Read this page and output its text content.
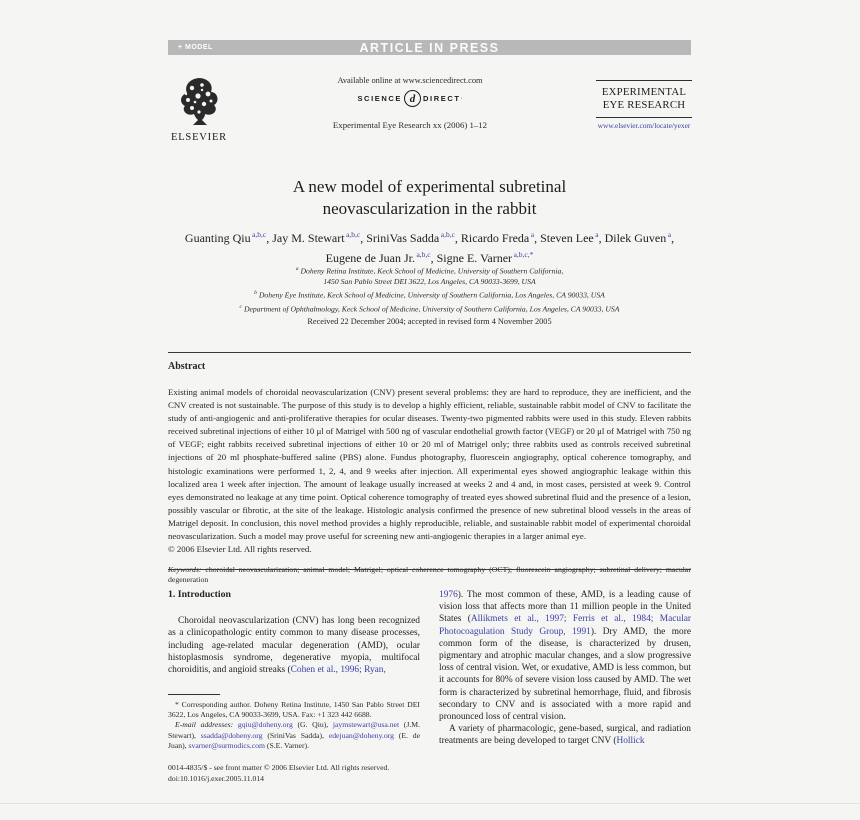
+ MODEL	ARTICLE IN PRESS
ELSEVIER
Available online at www.sciencedirect.com
SCIENCE d	DIRECT ·
Experimental Eye Research xx (2006) 1–12
EXPERIMENTAL
EYE RESEARCH
www.elsevier.com/locate/yexer
A new model of experimental subretinal
neovascularization in the rabbit
Guanting Qiu $^{a,b,c}$, Jay M. Stewart $^{a,b,c}$, SriniVas Sadda $^{a,b,c}$, Ricardo Freda $^a$, Steven Lee $^a$, Dilek Guven $^a$, Eugene de Juan Jr. $^{a,b,c}$, Signe E. Varner $^{a,b,c,*}$
$^a$ Doheny Retina Institute, Keck School of Medicine, University of Southern California,
1450 San Pablo Street DEI 3622, Los Angeles, CA 90033-3699, USA
$^b$ Doheny Eye Institute, Keck School of Medicine, University of Southern California, Los Angeles, CA 90033, USA
$^c$ Department of Ophthalmology, Keck School of Medicine, University of Southern California, Los Angeles, CA 90033, USA
Received 22 December 2004; accepted in revised form 4 November 2005
Abstract

Existing animal models of choroidal neovascularization (CNV) present several problems: they are hard to reproduce, they are inefficient, and the CNV created is not sustainable. The purpose of this study is to develop a highly efficient, reliable, sustainable rabbit model of CNV to facilitate the study of anti-angiogenic and anti-proliferative therapies for ocular diseases. Twenty-two pigmented rabbits were used in this study. Eleven rabbits received subretinal injections of either 10 μl of Matrigel with 500 ng of vascular endothelial growth factor (VEGF) or 20 μl of Matrigel with 750 ng of VEGF; eight rabbits received subretinal injections of either 10 or 20 ml of Matrigel only; three rabbits used as controls received subretinal injections of 20 ml phosphate-buffered saline (PBS) alone. Fundus photography, fluorescein angiography, optical coherence tomography, and histologic examinations were performed 1, 2, 4, and 9 weeks after injection. All experimental eyes showed angiographic leakage within this localized area 1 week after injection. The amount of leakage usually increased at weeks 2 and 4 and, in most cases, persisted at week 9. Control eyes demonstrated no leakage at any time point. Optical coherence tomography of treated eyes showed subretinal fluid and the presence of a lesion, possibly vascular or fibrotic, at the site of the leakage. Histologic analysis confirmed the presence of new subretinal blood vessels in the areas of Matrigel deposit. In conclusion, this novel method provides a highly reproducible, reliable, and sustainable rabbit model of experimental choroidal neovascularization. Such a model may prove useful for screening new anti-angiogenic therapies in a larger animal eye.

© 2006 Elsevier Ltd. All rights reserved.

Keywords: choroidal neovascularization; animal model; Matrigel; optical coherence tomography (OCT); fluorescein angiography; subretinal delivery; macular degeneration

1. Introduction

Choroidal neovascularization (CNV) has long been recognized as a clinicopathologic entity common to many disease processes, including age-related macular degeneration (AMD), ocular histoplasmosis syndrome, degenerative myopia, multifocal choroiditis, and angioid streaks (Cohen et al., 1996; Ryan,

1976). The most common of these, AMD, is a leading cause of vision loss that affects more than 11 million people in the United States (Allikmets et al., 1997; Ferris et al., 1984; Macular Photocoagulation Study Group, 1991). Dry AMD, the more common form of the disease, is characterized by drusen, pigmentary and atrophic macular changes, and a slow progressive loss of central vision. Wet, or exudative, AMD is less common, but it accounts for 80% of severe vision loss caused by AMD. The wet form is characterized by subretinal hemorrhage, fluid, and fibrosis secondary to CNV and is associated with a more rapid and pronounced loss of central vision.

A variety of pharmacologic, gene-based, surgical, and radiation treatments are being developed to target CNV (Hollick

* Corresponding author. Doheny Retina Institute, 1450 San Pablo Street DEI 3622, Los Angeles, CA 90033-3699, USA. Fax: +1 323 442 6688.

E-mail addresses: gqiu@doheny.org (G. Qiu), jaymstewart@usa.net (J.M. Stewart), ssadda@doheny.org (SriniVas Sadda), edejuan@doheny.org (E. de Juan), svarner@surmodics.com (S.E. Varner).

0014-4835/$ - see front matter © 2006 Elsevier Ltd. All rights reserved.

doi:10.1016/j.exer.2005.11.014
